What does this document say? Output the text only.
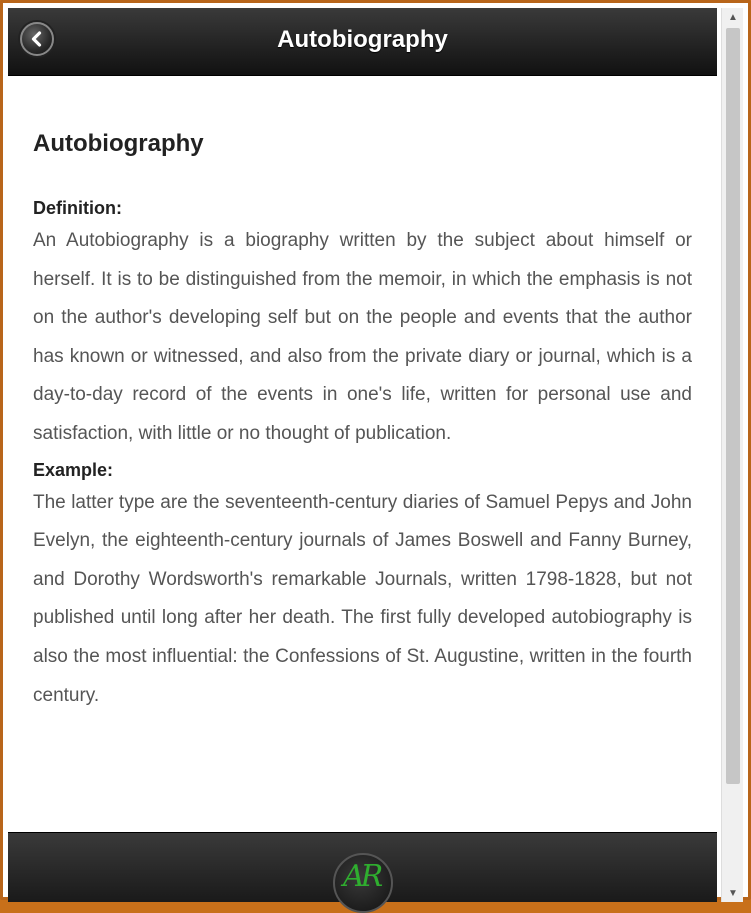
Autobiography
Autobiography
Definition:
An Autobiography is a biography written by the subject about himself or herself. It is to be distinguished from the memoir, in which the emphasis is not on the author's developing self but on the people and events that the author has known or witnessed, and also from the private diary or journal, which is a day-to-day record of the events in one's life, written for personal use and satisfaction, with little or no thought of publication.
Example:
The latter type are the seventeenth-century diaries of Samuel Pepys and John Evelyn, the eighteenth-century journals of James Boswell and Fanny Burney, and Dorothy Wordsworth's remarkable Journals, written 1798-1828, but not published until long after her death. The first fully developed autobiography is also the most influential: the Confessions of St. Augustine, written in the fourth century.
AR
▲
▼
